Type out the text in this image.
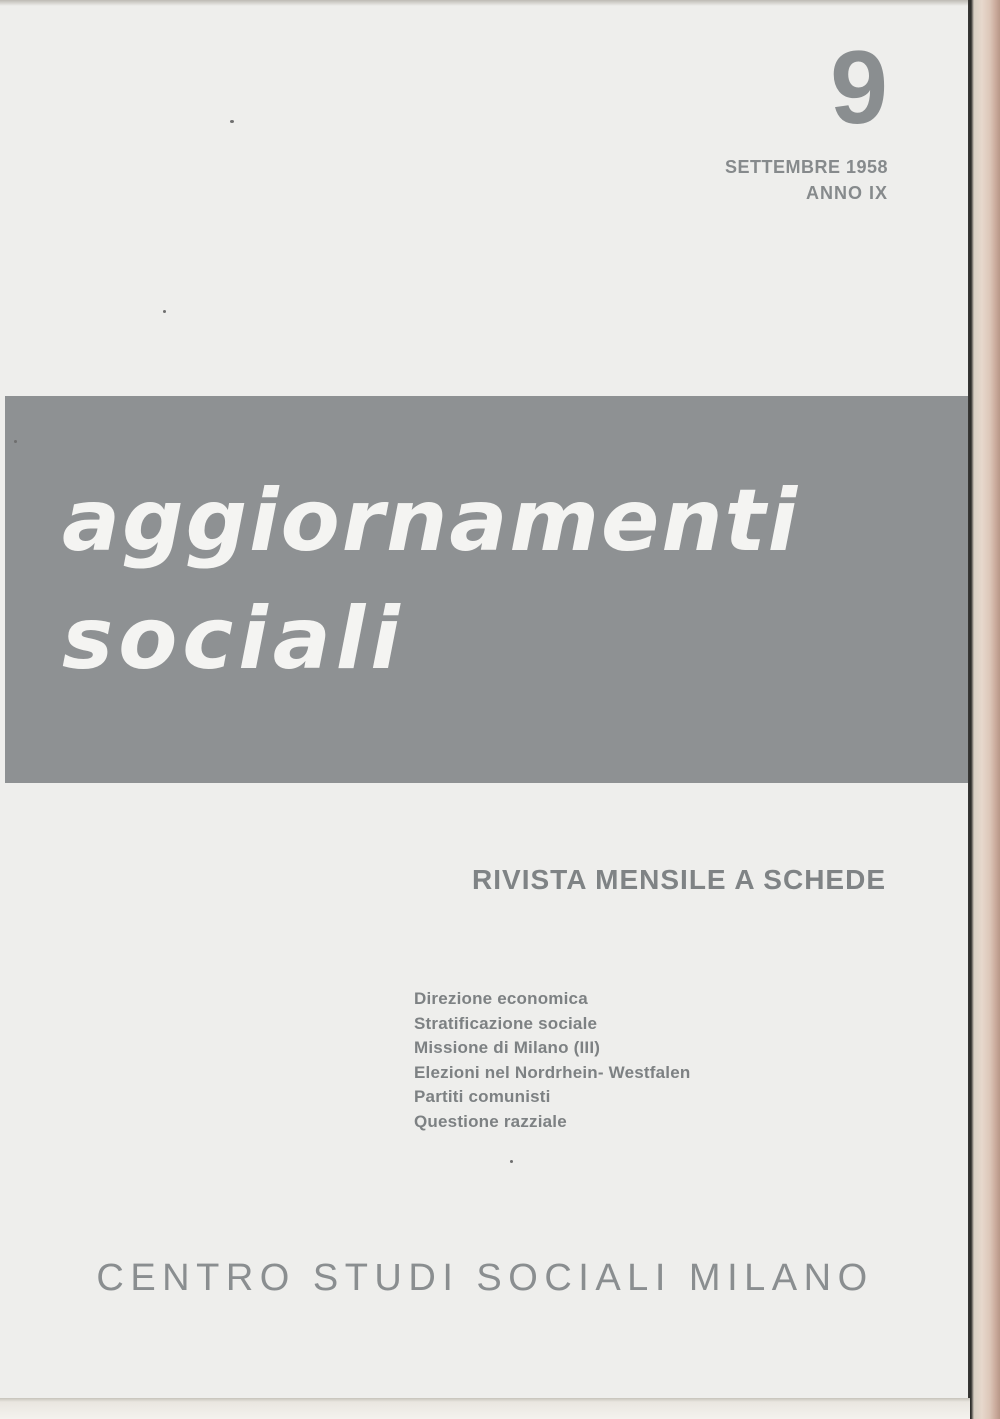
9
SETTEMBRE 1958
ANNO IX
aggiornamenti
sociali
RIVISTA MENSILE A SCHEDE
Direzione economica
Stratificazione sociale
Missione di Milano (III)
Elezioni nel Nordrhein- Westfalen
Partiti comunisti
Questione razziale
CENTRO STUDI SOCIALI MILANO
